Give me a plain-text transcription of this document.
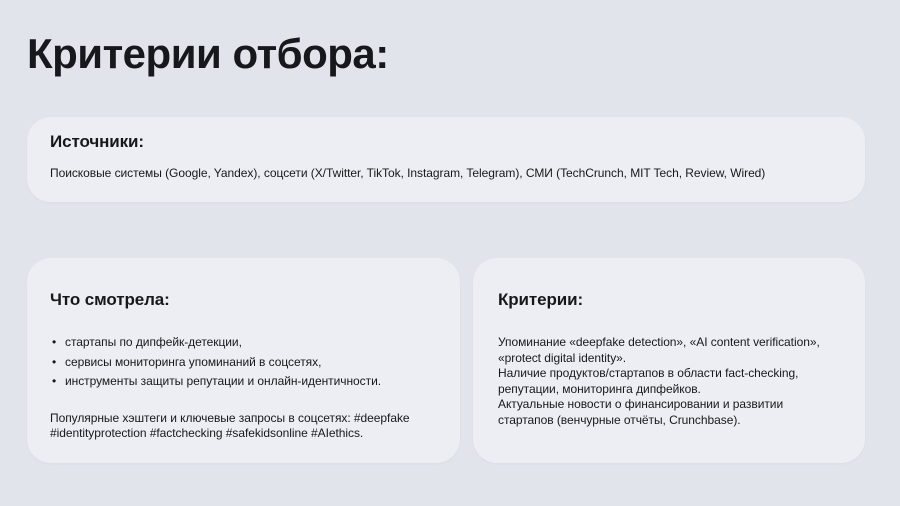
Критерии отбора:
Источники:

Поисковые системы (Google, Yandex), соцсети (X/Twitter, TikTok, Instagram, Telegram), СМИ (TechCrunch, MIT Tech, Review, Wired)

Что смотрела:
• стартапы по дипфейк-детекции,
• сервисы мониторинга упоминаний в соцсетях,
• инструменты защиты репутации и онлайн-идентичности.

Популярные хэштеги и ключевые запросы в соцсетях: #deepfake #identityprotection #factchecking #safekidsonline #AIethics.

Критерии:

Упоминание «deepfake detection», «AI content verification», «protect digital identity».

Наличие продуктов/стартапов в области fact-checking, репутации, мониторинга дипфейков.

Актуальные новости о финансировании и развитии стартапов (венчурные отчёты, Crunchbase).
